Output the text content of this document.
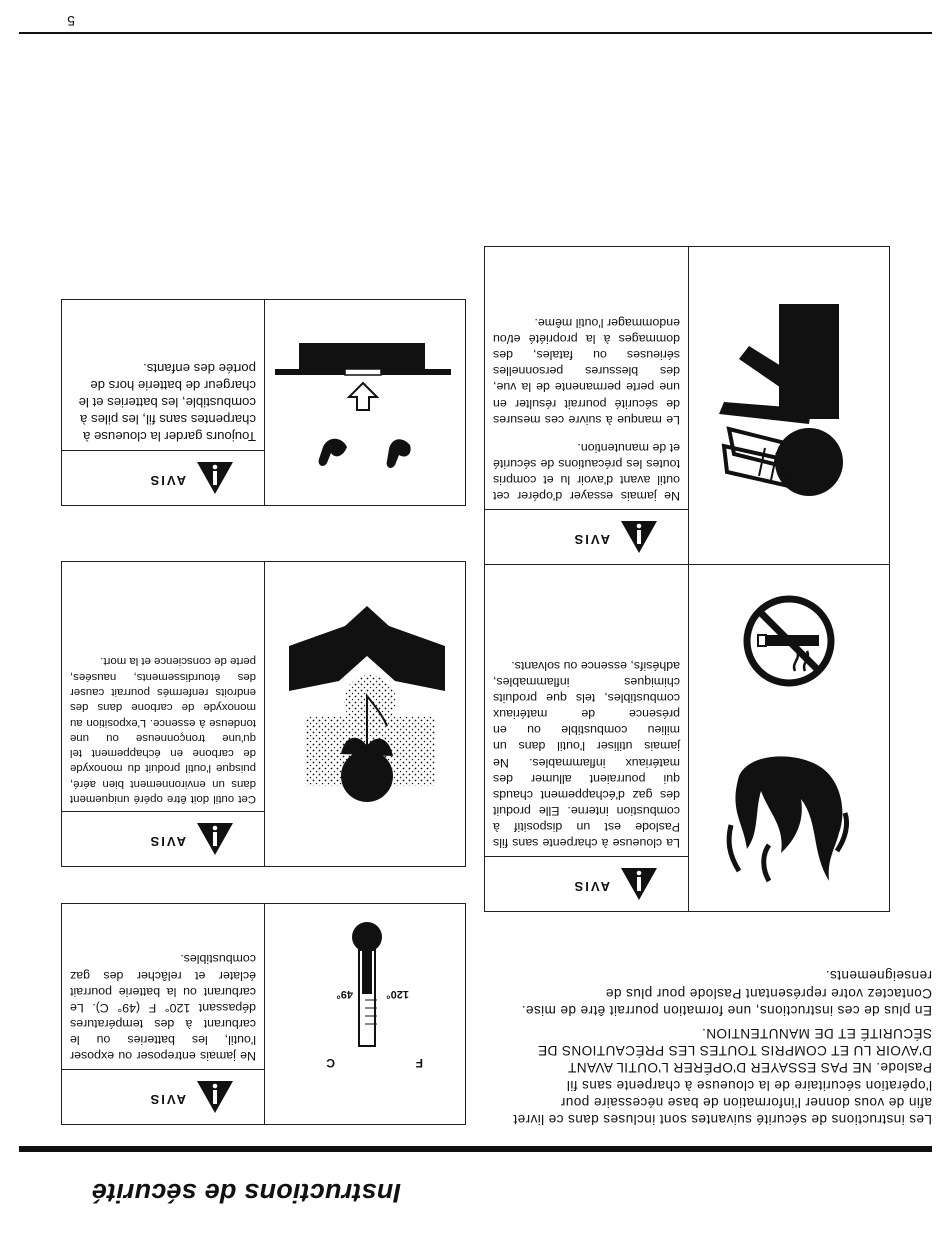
Instructions de sécurité

Les instructions de sécurité suivantes sont incluses dans ce livret afin de vous donner l'information de base nécessaire pour l'opération sécuritaire de la cloueuse à charpente sans fil Paslode. NE PAS ESSAYER D'OPÉRER L'OUTIL AVANT D'AVOIR LU ET COMPRIS TOUTES LES PRÉCAUTIONS DE SÉCURITÉ ET DE MANUTENTION.

En plus de ces instructions, une formation pourrait être de mise. Contactez votre représentant Paslode pour plus de renseignements.

AVIS
La cloueuse à charpente sans fils Paslode est un dispositif à combustion interne. Elle produit des gaz d'échappement chauds qui pourraient allumer des matériaux inflammables. Ne jamais utiliser l'outil dans un milieu combustible ou en présence de matériaux combustibles, tels que produits chimiques inflammables, adhésifs, essence ou solvants.
AVIS
Ne jamais essayer d'opérer cet outil avant d'avoir lu et compris toutes les précautions de sécurité et de manutention.
Le manque à suivre ces mesures de sécurité pourrait résulter en une perte permanente de la vue, des blessures personnelles sérieuses ou fatales, des dommages à la propriété et/ou endommager l'outil même.
F
C
120°
49°
AVIS
Ne jamais entreposer ou exposer l'outil, les batteries ou le carburant à des températures dépassant 120° F (49° C). Le carburant ou la batterie pourrait éclater et relâcher des gaz combustibles.
AVIS
Cet outil doit être opéré uniquement dans un environnement bien aéré, puisque l'outil produit du monoxyde de carbone en échappement tel qu'une tronçonneuse ou une tondeuse à essence. L'exposition au monoxyde de carbone dans des endroits renfermés pourrait causer des étourdissements, nausées, perte de conscience et la mort.
AVIS
Toujours garder la cloueuse à charpentes sans fil, les piles à combustible, les batteries et le chargeur de batterie hors de portée des enfants.
5
